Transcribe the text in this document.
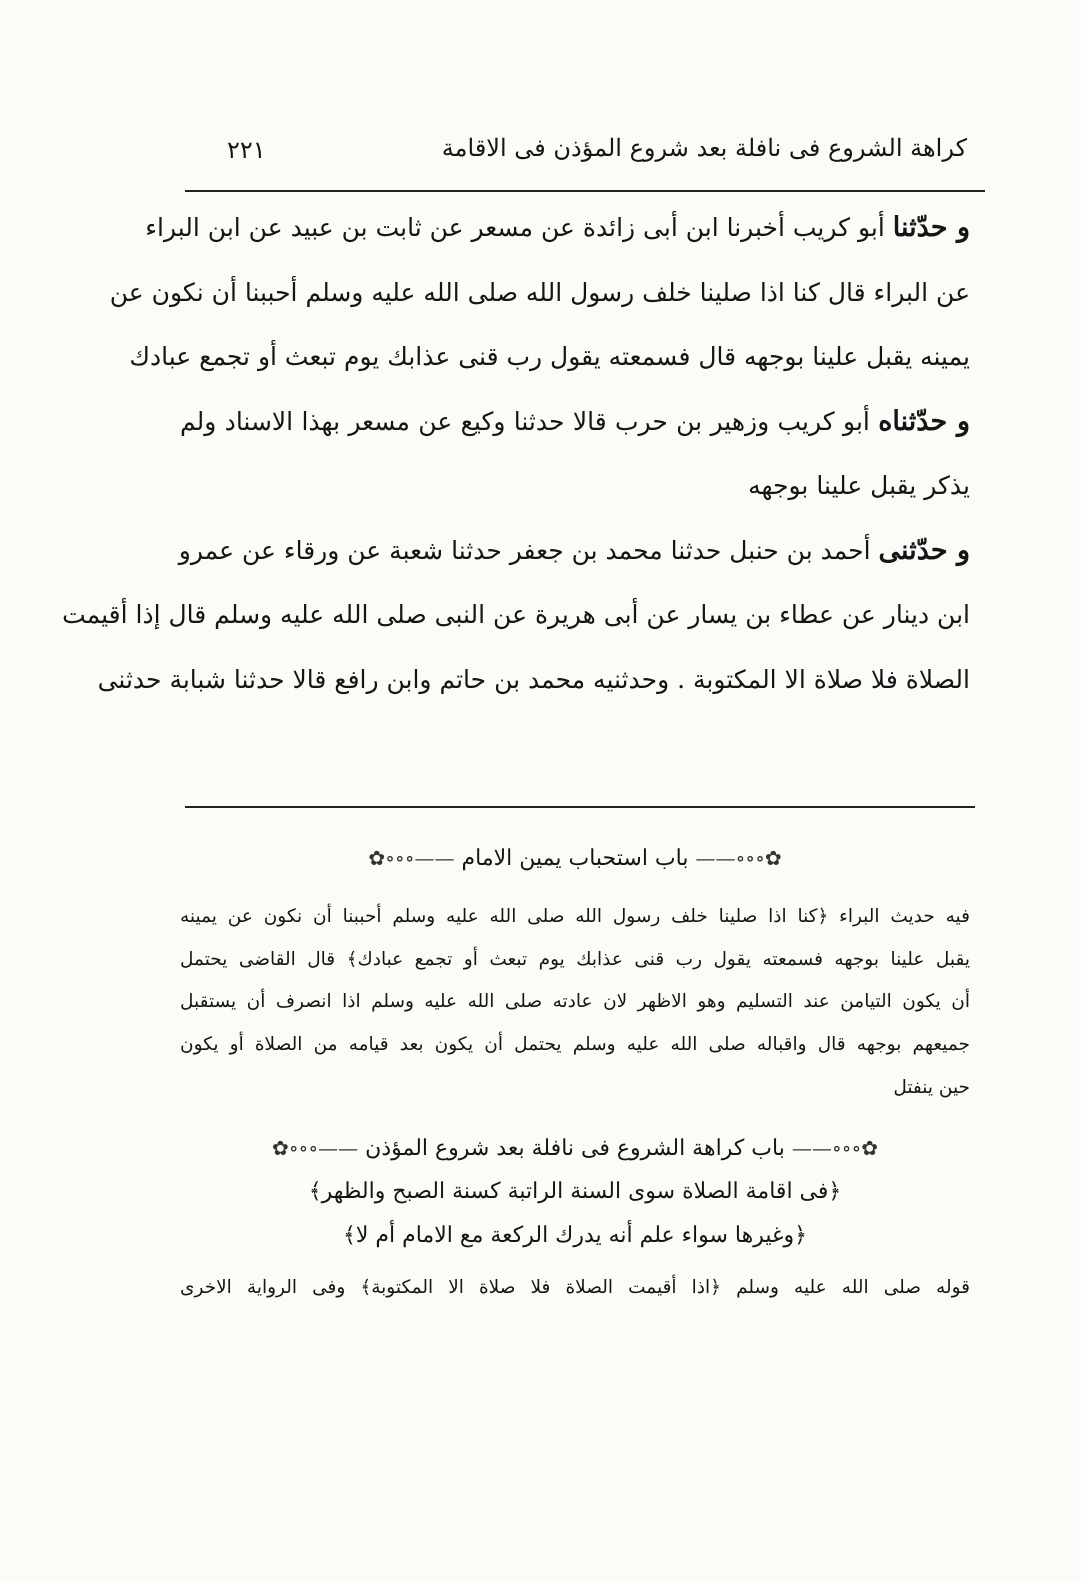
٢٢١	كراهة الشروع فى نافلة بعد شروع المؤذن فى الاقامة
و حدّثنا أبو كريب أخبرنا ابن أبى زائدة عن مسعر عن ثابت بن عبيد عن ابن البراء
عن البراء قال كنا اذا صلينا خلف رسول الله صلى الله عليه وسلم أحببنا أن نكون عن
يمينه يقبل علينا بوجهه قال فسمعته يقول رب قنى عذابك يوم تبعث أو تجمع عبادك
و حدّثناه أبو كريب وزهير بن حرب قالا حدثنا وكيع عن مسعر بهذا الاسناد ولم
يذكر يقبل علينا بوجهه
و حدّثنى أحمد بن حنبل حدثنا محمد بن جعفر حدثنا شعبة عن ورقاء عن عمرو
ابن دينار عن عطاء بن يسار عن أبى هريرة عن النبى صلى الله عليه وسلم قال إذا أقيمت
الصلاة فلا صلاة الا المكتوبة . وحدثنيه محمد بن حاتم وابن رافع قالا حدثنا شبابة حدثنى
✿∘∘∘—— باب استحباب يمين الامام ——∘∘∘✿
فيه حديث البراء ﴿كنا اذا صلينا خلف رسول الله صلى الله عليه وسلم أحببنا أن نكون عن يمينه
يقبل علينا بوجهه فسمعته يقول رب قنى عذابك يوم تبعث أو تجمع عبادك﴾ قال القاضى يحتمل
أن يكون التيامن عند التسليم وهو الاظهر لان عادته صلى الله عليه وسلم اذا انصرف أن يستقبل
جميعهم بوجهه قال واقباله صلى الله عليه وسلم يحتمل أن يكون بعد قيامه من الصلاة أو يكون
حين ينفتل
✿∘∘∘—— باب كراهة الشروع فى نافلة بعد شروع المؤذن ——∘∘∘✿
﴿فى اقامة الصلاة سوى السنة الراتبة كسنة الصبح والظهر﴾
﴿وغيرها سواء علم أنه يدرك الركعة مع الامام أم لا﴾
قوله صلى الله عليه وسلم ﴿اذا أقيمت الصلاة فلا صلاة الا المكتوبة﴾ وفى الرواية الاخرى
